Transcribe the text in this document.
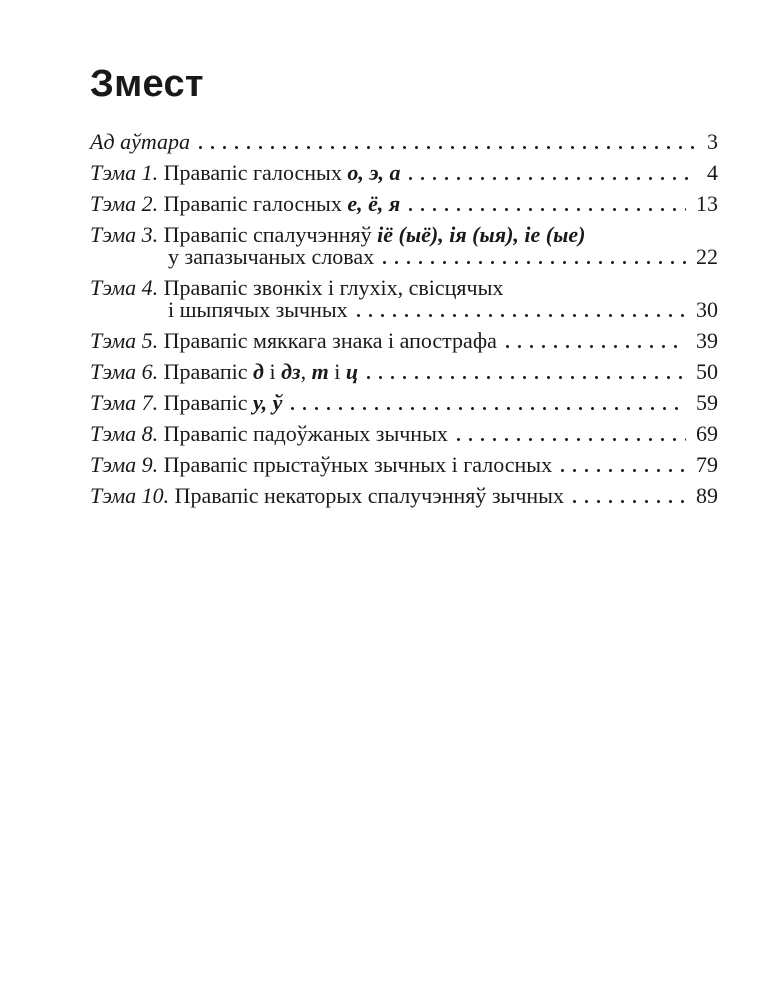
Змест
Ад аўтара	3
Тэма 1. Правапіс галосных о, э, а	4
Тэма 2. Правапіс галосных е, ё, я	13
Тэма 3. Правапіс спалучэнняў іё (ыё), ія (ыя), іе (ые)
у запазычаных словах	22
Тэма 4. Правапіс звонкіх і глухіх, свісцячых
і шыпячых зычных	30
Тэма 5. Правапіс мяккага знака і апострафа	39
Тэма 6. Правапіс д і дз, т і ц	50
Тэма 7. Правапіс у, ў	59
Тэма 8. Правапіс падоўжаных зычных	69
Тэма 9. Правапіс прыстаўных зычных і галосных	79
Тэма 10. Правапіс некаторых спалучэнняў зычных	89
